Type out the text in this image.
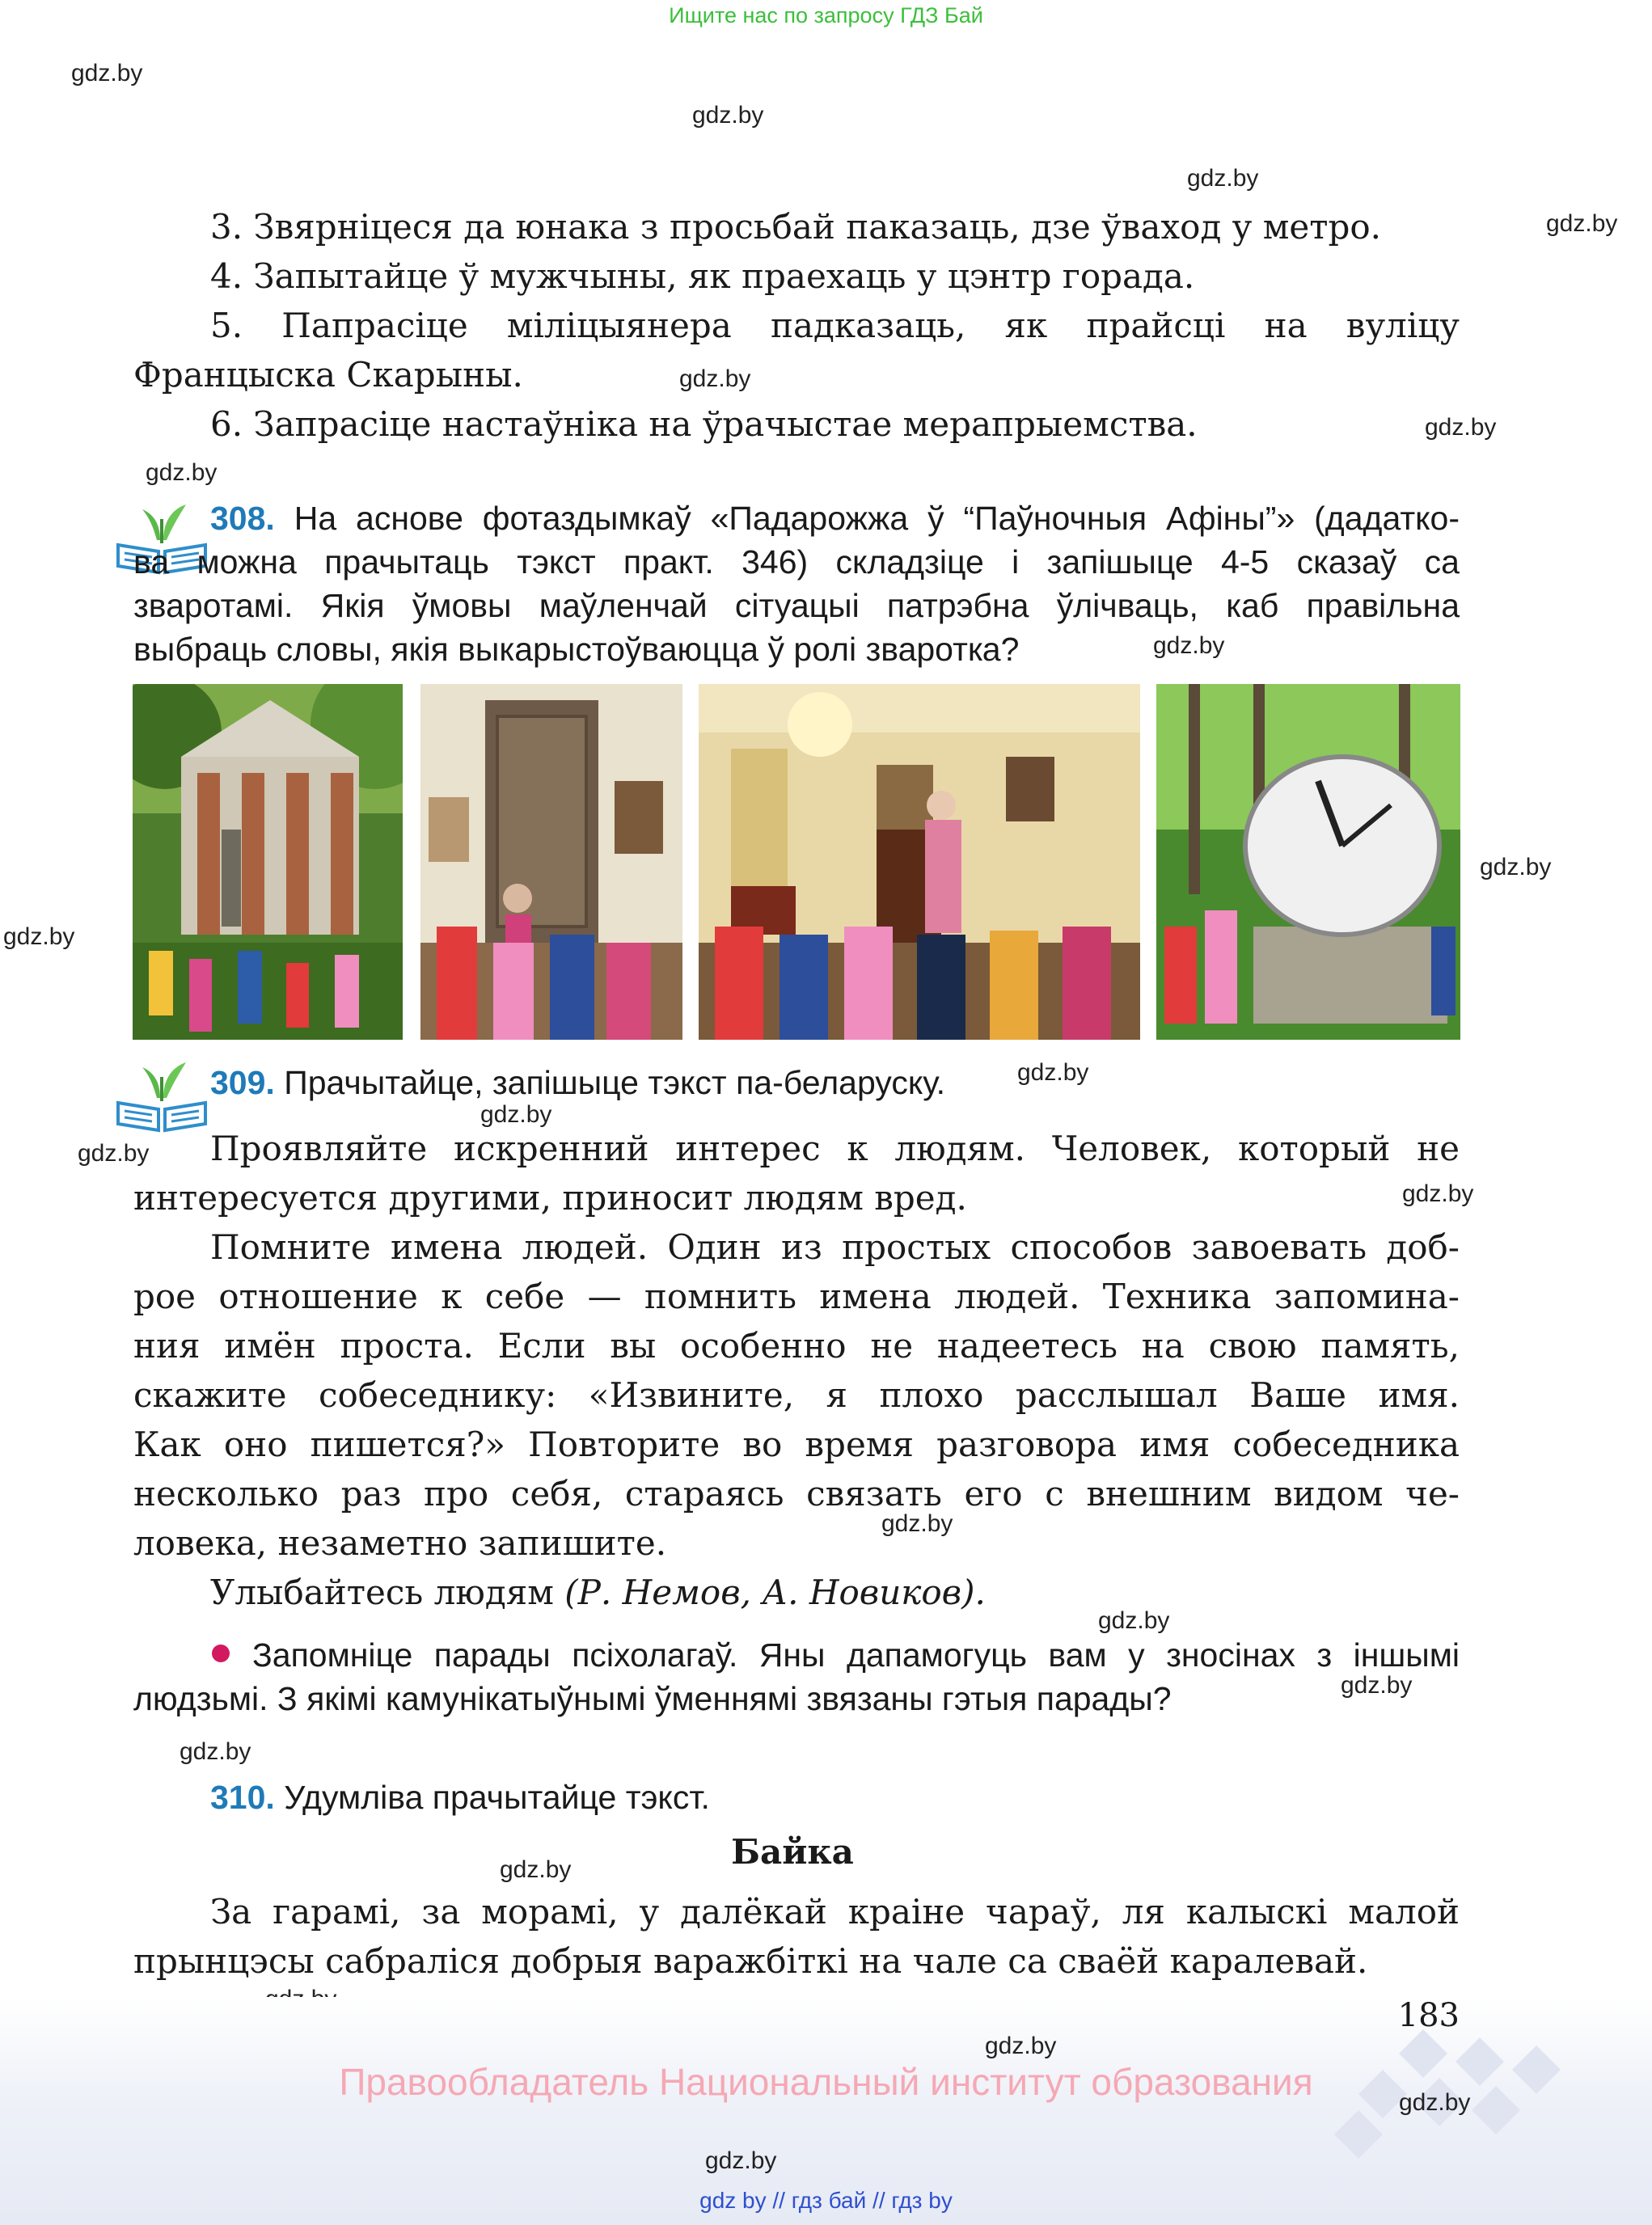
Ищите нас по запросу ГДЗ Бай
gdz.by
gdz.by
gdz.by
gdz.by
gdz.by
gdz.by
gdz.by
gdz.by
gdz.by
gdz.by
gdz.by
gdz.by
gdz.by
gdz.by
gdz.by
gdz.by
gdz.by
gdz.by
gdz.by
3. Звярніцеся да юнака з просьбай паказаць, дзе ўваход у метро.
4. Запытайце ў мужчыны, як праехаць у цэнтр горада.
5. Папрасіце міліцыянера падказаць, як прайсці на вуліцу
Францыска Скарыны.
6. Запрасіце настаўніка на ўрачыстае мерапрыемства.
308. На аснове фотаздымкаў «Падарожжа ў “Паўночныя Афіны”» (дадатко-
ва можна прачытаць тэкст практ. 346) складзіце і запішыце 4-5 сказаў са
зваротамі. Якія ўмовы маўленчай сітуацыі патрэбна ўлічваць, каб правільна
выбраць словы, якія выкарыстоўваюцца ў ролі звароткa?
309. Прачытайце, запішыце тэкст па-беларуску.
Проявляйте искренний интерес к людям. Человек, который не
интересуется другими, приносит людям вред.
Помните имена людей. Один из простых способов завоевать доб-
рое отношение к себе — помнить имена людей. Техника запомина-
ния имён проста. Если вы особенно не надеетесь на свою память,
скажите собеседнику: «Извините, я плохо расслышал Ваше имя.
Как оно пишется?» Повторите во время разговора имя собеседника
несколько раз про себя, стараясь связать его с внешним видом че-
ловека, незаметно запишите.
Улыбайтесь людям (Р. Немов, А. Новиков).
Запомніце парады псіхолагаў. Яны дапамогуць вам у зносінах з іншымі
людзьмі. З якімі камунікатыўнымі ўменнямі звязаны гэтыя парады?
310. Удумліва прачытайце тэкст.
Байка
За гарамі, за морамі, у далёкай краіне чараў, ля калыскі малой
прынцэсы сабраліся добрыя варажбіткі на чале са сваёй каралевай.
gdz.by
183
Правообладатель Национальный институт образования	gdz.by
gdz.by
gdz by // гдз бай // гдз by
